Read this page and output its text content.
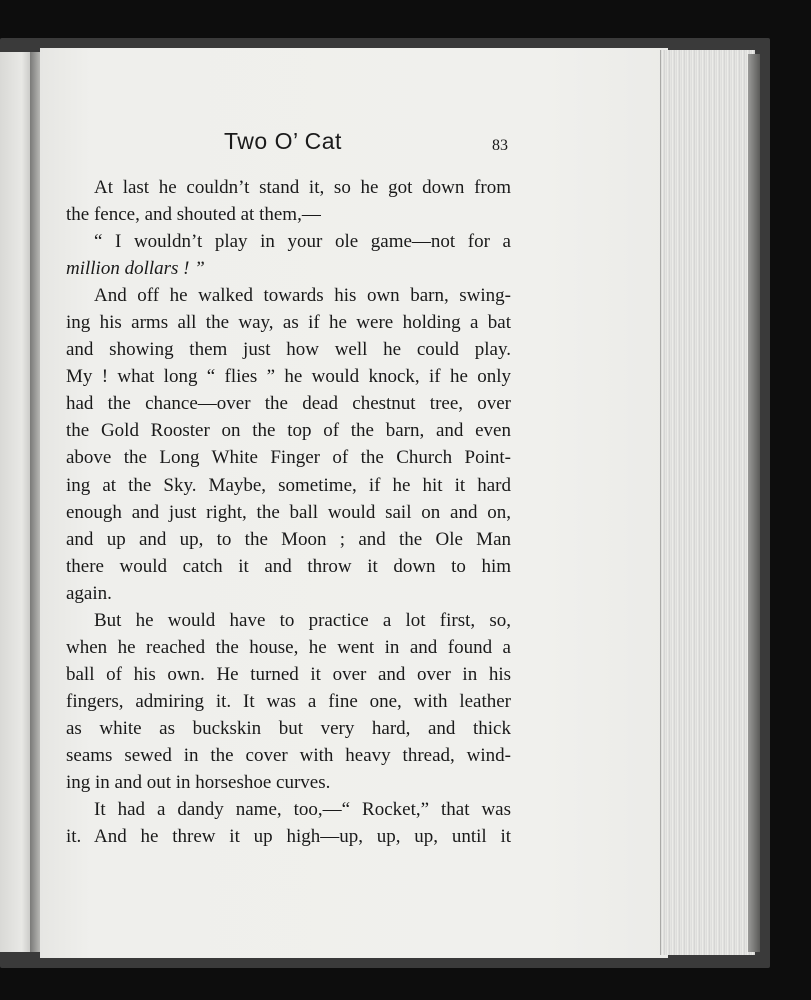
Two O’ Cat	83
At last he couldn’t stand it, so he got down from
the fence, and shouted at them,—
“ I wouldn’t play in your ole game—not for a
million dollars ! ”
And off he walked towards his own barn, swing-
ing his arms all the way, as if he were holding a bat
and showing them just how well he could play.
My ! what long “ flies ” he would knock, if he only
had the chance—over the dead chestnut tree, over
the Gold Rooster on the top of the barn, and even
above the Long White Finger of the Church Point-
ing at the Sky. Maybe, sometime, if he hit it hard
enough and just right, the ball would sail on and on,
and up and up, to the Moon ; and the Ole Man
there would catch it and throw it down to him
again.
But he would have to practice a lot first, so,
when he reached the house, he went in and found a
ball of his own. He turned it over and over in his
fingers, admiring it. It was a fine one, with leather
as white as buckskin but very hard, and thick
seams sewed in the cover with heavy thread, wind-
ing in and out in horseshoe curves.
It had a dandy name, too,—“ Rocket,” that was
it. And he threw it up high—up, up, up, until it
